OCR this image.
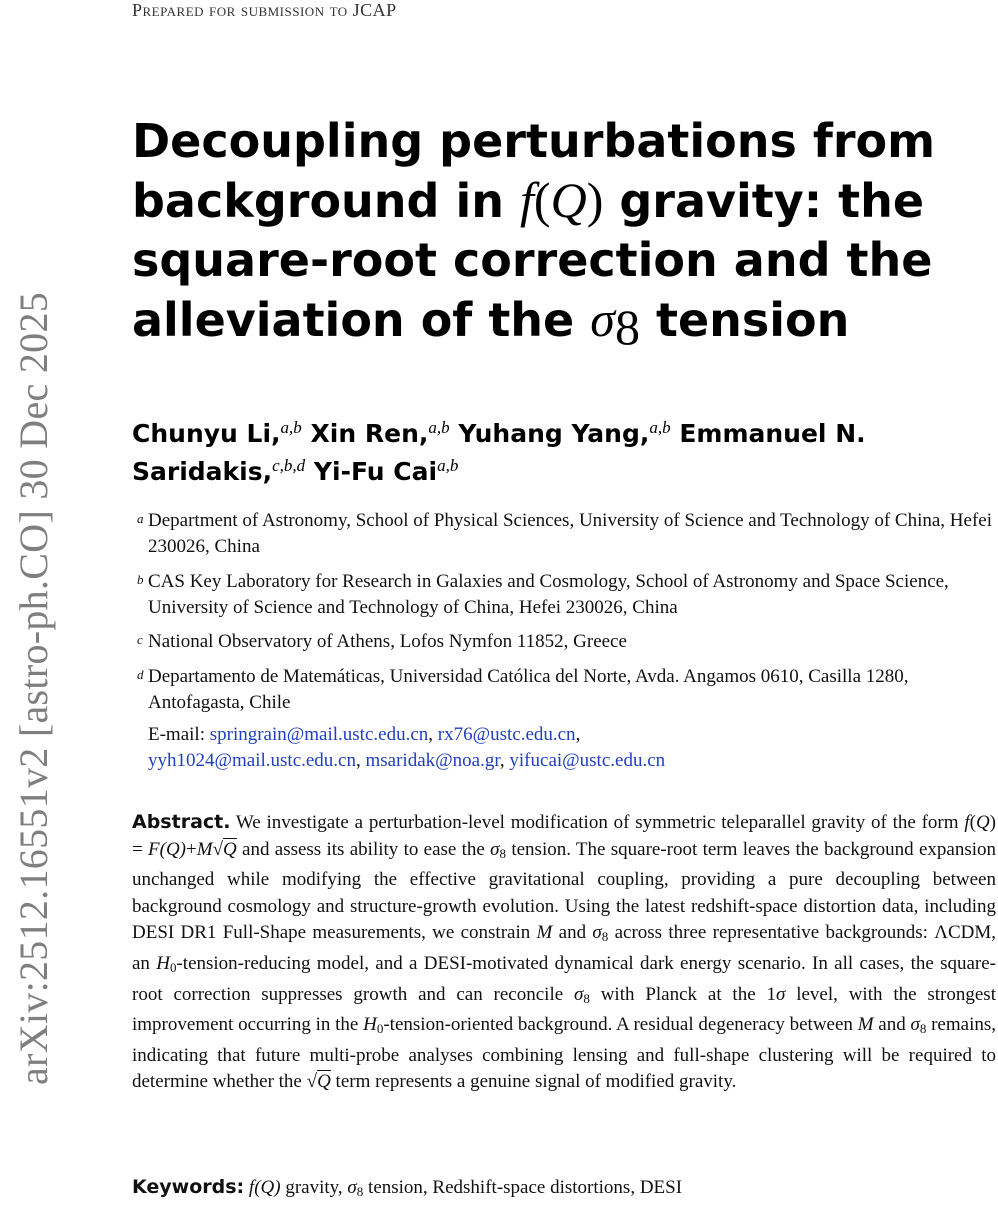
Prepared for submission to JCAP
arXiv:2512.16551v2 [astro-ph.CO] 30 Dec 2025
Decoupling perturbations from
background in f(Q) gravity: the
square-root correction and the
alleviation of the $\sigma_8$ tension
Chunyu Li,$^{a,b}$ Xin Ren,$^{a,b}$ Yuhang Yang,$^{a,b}$ Emmanuel N. Saridakis,$^{c,b,d}$ Yi-Fu Cai$^{a,b}$
a Department of Astronomy, School of Physical Sciences, University of Science and Technology of China, Hefei 230026, China
b CAS Key Laboratory for Research in Galaxies and Cosmology, School of Astronomy and Space Science, University of Science and Technology of China, Hefei 230026, China
c National Observatory of Athens, Lofos Nymfon 11852, Greece
d Departamento de Matemáticas, Universidad Católica del Norte, Avda. Angamos 0610, Casilla 1280, Antofagasta, Chile
E-mail: springrain@mail.ustc.edu.cn, rx76@ustc.edu.cn,
yyh1024@mail.ustc.edu.cn, msaridak@noa.gr, yifucai@ustc.edu.cn

Abstract. We investigate a perturbation-level modification of symmetric teleparallel gravity of the form f(Q) = F(Q)+M√Q and assess its ability to ease the $\sigma_8$ tension. The square-root term leaves the background expansion unchanged while modifying the effective gravitational coupling, providing a pure decoupling between background cosmology and structure-growth evolution. Using the latest redshift-space distortion data, including DESI DR1 Full-Shape measurements, we constrain M and $\sigma_8$ across three representative backgrounds: ΛCDM, an $H_0-tension$-reducing model, and a DESI-motivated dynamical dark energy scenario. In all cases, the square-root correction suppresses growth and can reconcile $\sigma_8$ with Planck at the 1σ level, with the strongest improvement occurring in the $H_0-tension$-oriented background. A residual degeneracy between M and $\sigma_8$ remains, indicating that future multi-probe analyses combining lensing and full-shape clustering will be required to determine whether the √Q term represents a genuine signal of modified gravity.

Keywords: f(Q) gravity, $\sigma_8$ tension, Redshift-space distortions, DESI
